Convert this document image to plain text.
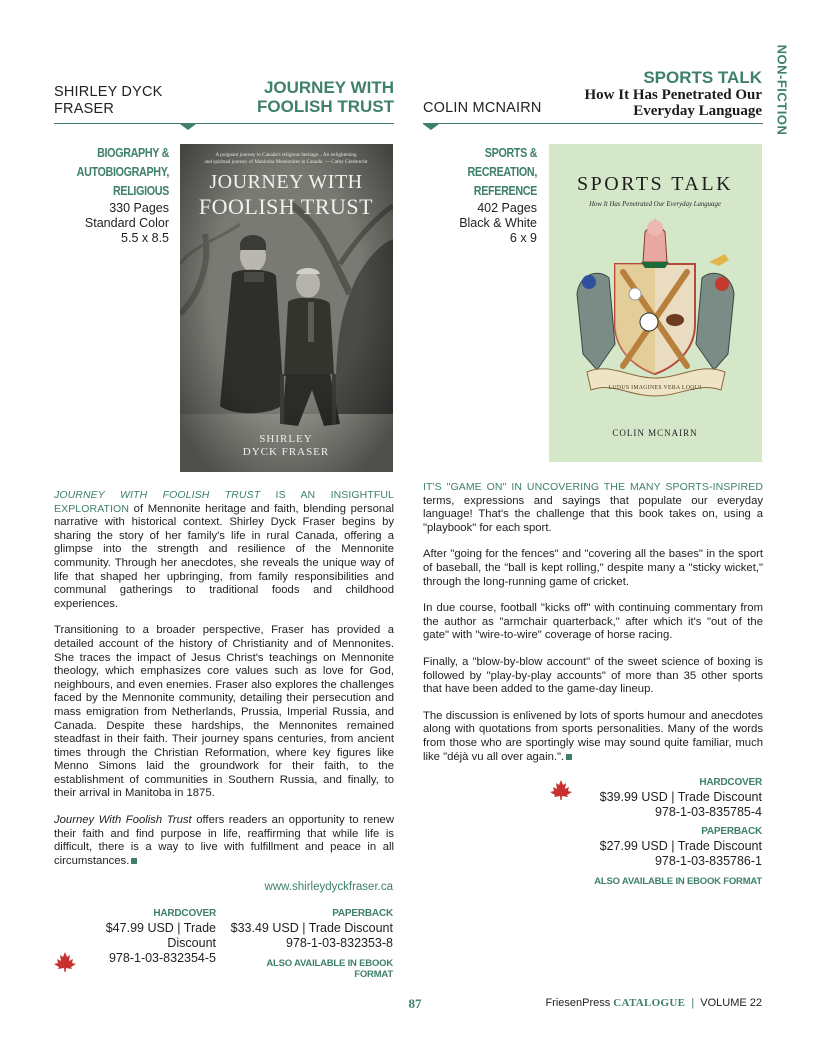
NON-FICTION
SHIRLEY DYCK FRASER
JOURNEY WITH FOOLISH TRUST
BIOGRAPHY &
AUTOBIOGRAPHY,
RELIGIOUS
330 Pages
Standard Color
5.5 x 8.5
A poignant journey to Canada's religious heritage... An enlightening
and spiritual journey of Manitoba Mennonites in Canada. — Cathy Giesbrecht
JOURNEY WITH
FOOLISH TRUST
SHIRLEY
DYCK FRASER

JOURNEY WITH FOOLISH TRUST IS AN INSIGHTFUL EXPLORATION of Mennonite heritage and faith, blending personal narrative with historical context. Shirley Dyck Fraser begins by sharing the story of her family's life in rural Canada, offering a glimpse into the strength and resilience of the Mennonite community. Through her anecdotes, she reveals the unique way of life that shaped her upbringing, from family responsibilities and communal gatherings to traditional foods and childhood experiences.

Transitioning to a broader perspective, Fraser has provided a detailed account of the history of Christianity and of Mennonites. She traces the impact of Jesus Christ's teachings on Mennonite theology, which emphasizes core values such as love for God, neighbours, and even enemies. Fraser also explores the challenges faced by the Mennonite community, detailing their persecution and mass emigration from Netherlands, Prussia, Imperial Russia, and Canada. Despite these hardships, the Mennonites remained steadfast in their faith. Their journey spans centuries, from ancient times through the Christian Reformation, where key figures like Menno Simons laid the groundwork for their faith, to the establishment of communities in Southern Russia, and finally, to their arrival in Manitoba in 1875.

Journey With Foolish Trust offers readers an opportunity to renew their faith and find purpose in life, reaffirming that while life is difficult, there is a way to live with fulfillment and peace in all circumstances.

www.shirleydyckfraser.ca
HARDCOVER
$47.99 USD | Trade Discount
978-1-03-832354-5
PAPERBACK
$33.49 USD | Trade Discount
978-1-03-832353-8
ALSO AVAILABLE IN EBOOK FORMAT
COLIN MCNAIRN
SPORTS TALK
How It Has Penetrated Our
Everyday Language
SPORTS & RECREATION,
REFERENCE
402 Pages
Black & White
6 x 9
SPORTS TALK
How It Has Penetrated Our Everyday Language
LUDUS IMAGINES VERA LOQUI
COLIN MCNAIRN

IT'S "GAME ON" IN UNCOVERING THE MANY SPORTS-INSPIRED terms, expressions and sayings that populate our everyday language! That's the challenge that this book takes on, using a "playbook" for each sport.

After "going for the fences" and "covering all the bases" in the sport of baseball, the "ball is kept rolling," despite many a "sticky wicket," through the long-running game of cricket.

In due course, football "kicks off" with continuing commentary from the author as "armchair quarterback," after which it's "out of the gate" with "wire-to-wire" coverage of horse racing.

Finally, a "blow-by-blow account" of the sweet science of boxing is followed by "play-by-play accounts" of more than 35 other sports that have been added to the game-day lineup.

The discussion is enlivened by lots of sports humour and anecdotes along with quotations from sports personalities. Many of the words from those who are sportingly wise may sound quite familiar, much like "déjà vu all over again.".

HARDCOVER
$39.99 USD | Trade Discount
978-1-03-835785-4
PAPERBACK
$27.99 USD | Trade Discount
978-1-03-835786-1
ALSO AVAILABLE IN EBOOK FORMAT
87	FriesenPress CATALOGUE | VOLUME 22
